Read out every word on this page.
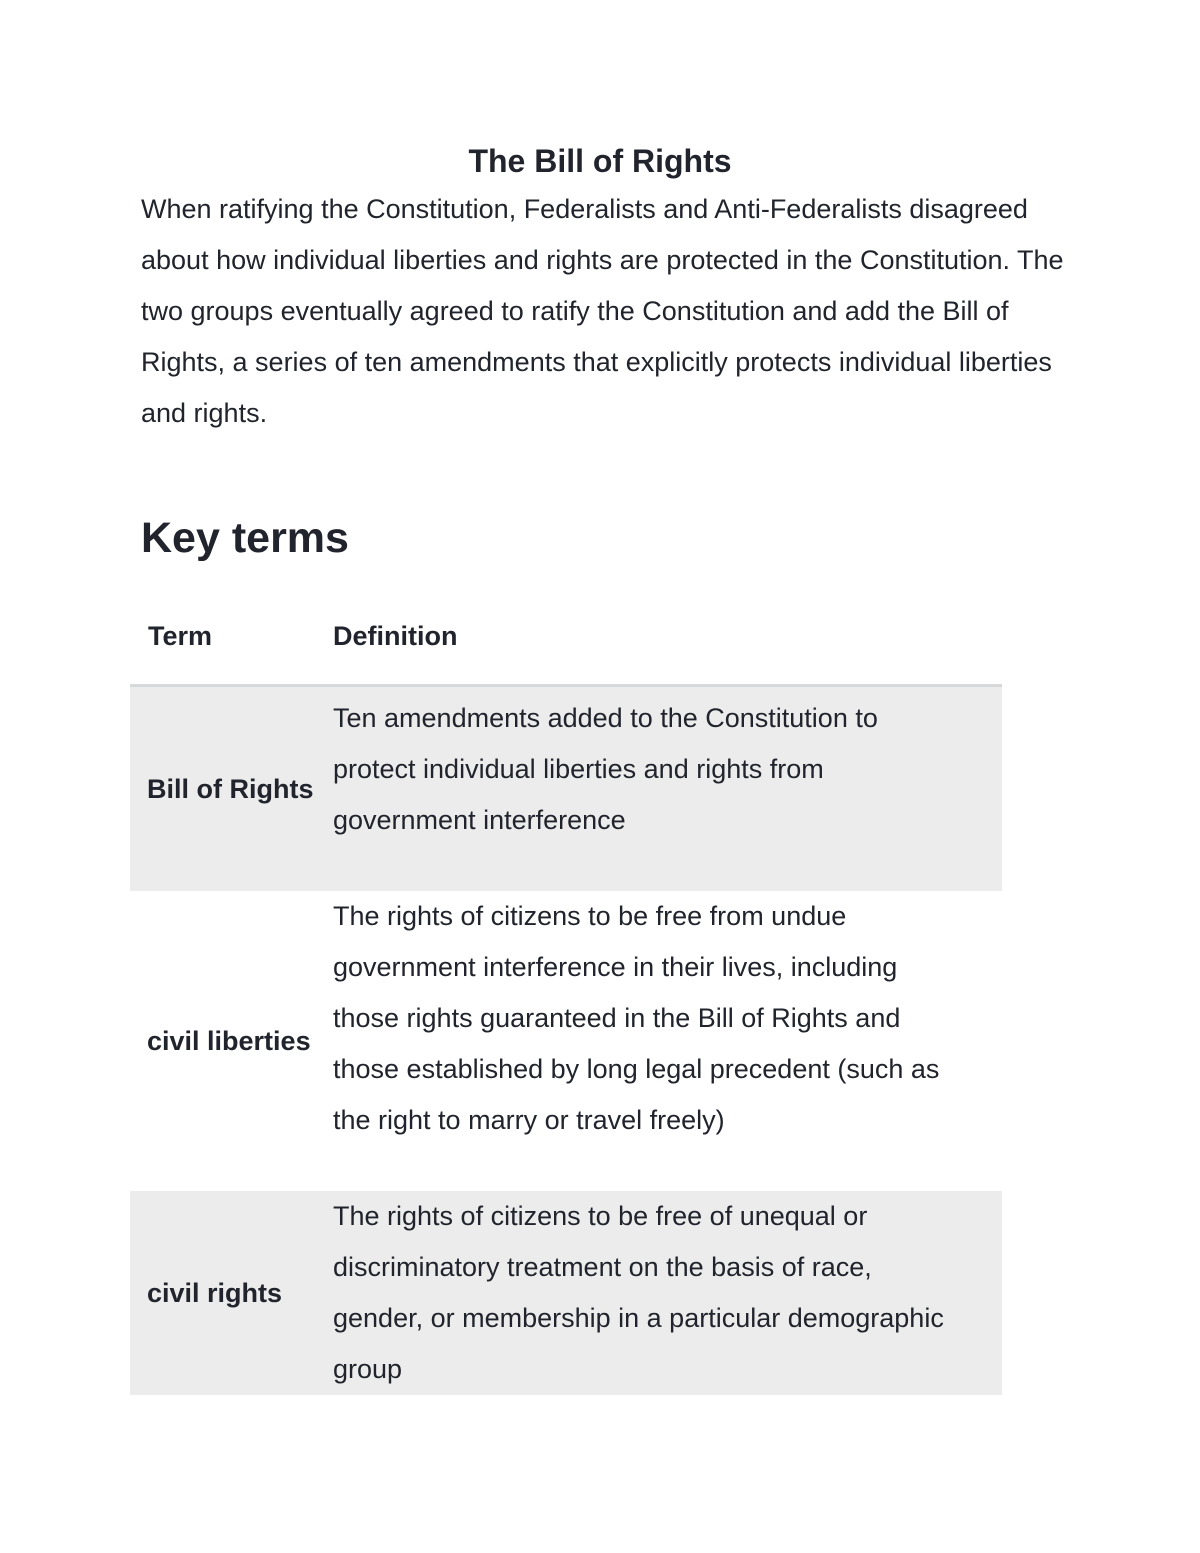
The Bill of Rights

When ratifying the Constitution, Federalists and Anti-Federalists disagreed about how individual liberties and rights are protected in the Constitution. The two groups eventually agreed to ratify the Constitution and add the Bill of Rights, a series of ten amendments that explicitly protects individual liberties and rights.

Key terms
Term	Definition
Bill of Rights	Ten amendments added to the Constitution to protect individual liberties and rights from government interference
civil liberties	The rights of citizens to be free from undue government interference in their lives, including those rights guaranteed in the Bill of Rights and those established by long legal precedent (such as the right to marry or travel freely)
civil rights	The rights of citizens to be free of unequal or discriminatory treatment on the basis of race, gender, or membership in a particular demographic group
